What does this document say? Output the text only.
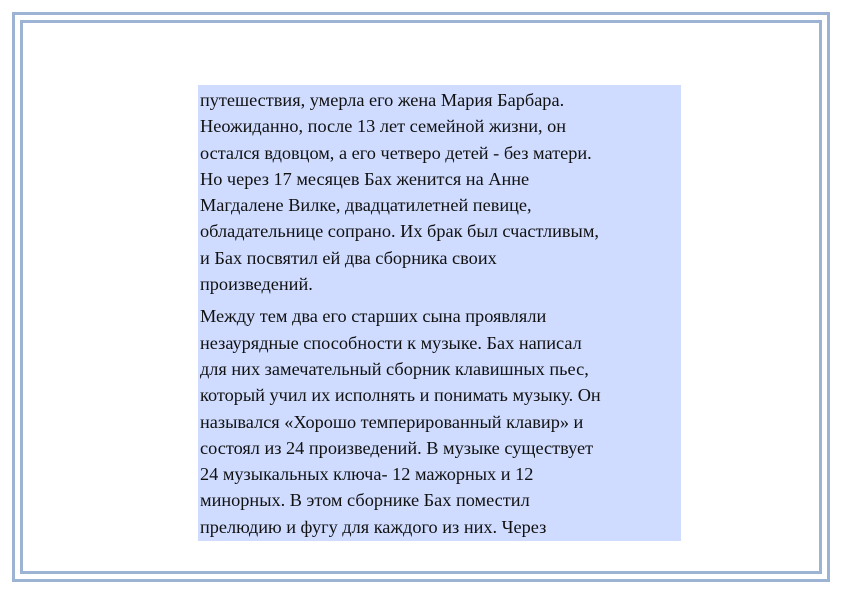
путешествия, умерла его жена Мария Барбара.
Неожиданно, после 13 лет семейной жизни, он
остался вдовцом, а его четверо детей - без матери.
Но через 17 месяцев Бах женится на Анне
Магдалене Вилке, двадцатилетней певице,
обладательнице сопрано. Их брак был счастливым,
и Бах посвятил ей два сборника своих
произведений.

Между тем два его старших сына проявляли
незаурядные способности к музыке. Бах написал
для них замечательный сборник клавишных пьес,
который учил их исполнять и понимать музыку. Он
назывался «Хорошо темперированный клавир» и
состоял из 24 произведений. В музыке существует
24 музыкальных ключа- 12 мажорных и 12
минорных. В этом сборнике Бах поместил
прелюдию и фугу для каждого из них. Через
